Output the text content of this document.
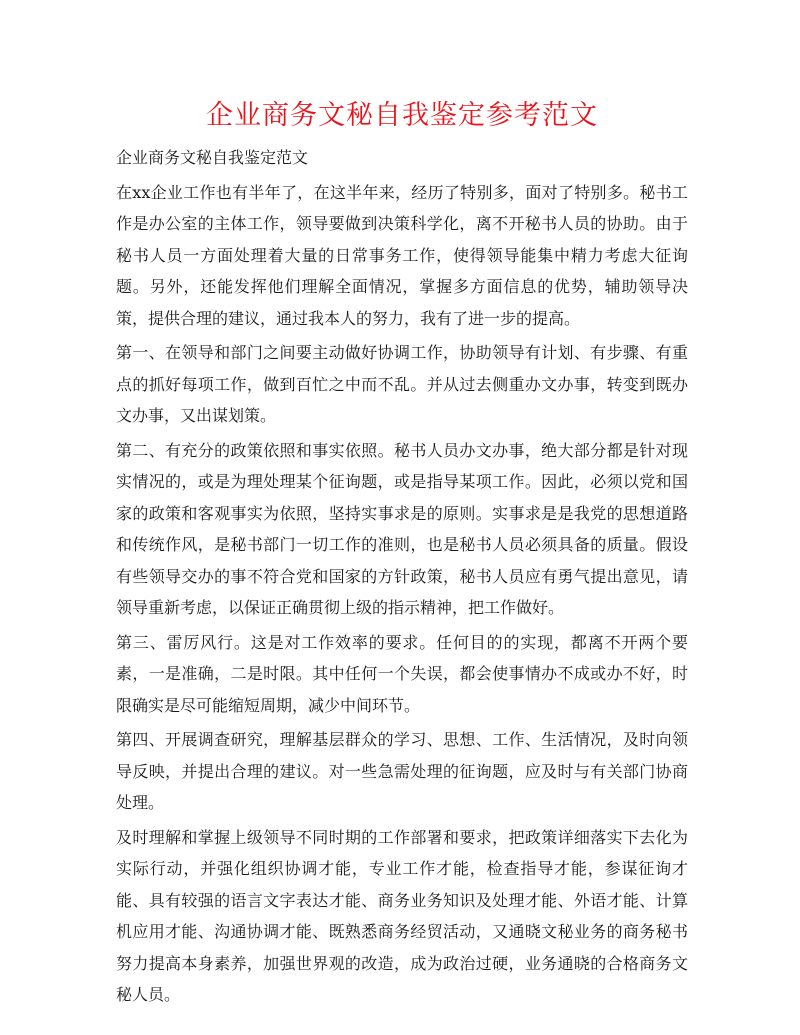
企业商务文秘自我鉴定参考范文

企业商务文秘自我鉴定范文

在xx企业工作也有半年了，在这半年来，经历了特别多，面对了特别多。秘书工作是办公室的主体工作，领导要做到决策科学化，离不开秘书人员的协助。由于秘书人员一方面处理着大量的日常事务工作，使得领导能集中精力考虑大征询题。另外，还能发挥他们理解全面情况，掌握多方面信息的优势，辅助领导决策，提供合理的建议，通过我本人的努力，我有了进一步的提高。

第一、在领导和部门之间要主动做好协调工作，协助领导有计划、有步骤、有重点的抓好每项工作，做到百忙之中而不乱。并从过去侧重办文办事，转变到既办文办事，又出谋划策。

第二、有充分的政策依照和事实依照。秘书人员办文办事，绝大部分都是针对现实情况的，或是为理处理某个征询题，或是指导某项工作。因此，必须以党和国家的政策和客观事实为依照，坚持实事求是的原则。实事求是是我党的思想道路和传统作风，是秘书部门一切工作的准则，也是秘书人员必须具备的质量。假设有些领导交办的事不符合党和国家的方针政策，秘书人员应有勇气提出意见，请领导重新考虑，以保证正确贯彻上级的指示精神，把工作做好。

第三、雷厉风行。这是对工作效率的要求。任何目的的实现，都离不开两个要素，一是准确，二是时限。其中任何一个失误，都会使事情办不成或办不好，时限确实是尽可能缩短周期，减少中间环节。

第四、开展调查研究，理解基层群众的学习、思想、工作、生活情况，及时向领导反映，并提出合理的建议。对一些急需处理的征询题，应及时与有关部门协商处理。

及时理解和掌握上级领导不同时期的工作部署和要求，把政策详细落实下去化为实际行动，并强化组织协调才能，专业工作才能，检查指导才能，参谋征询才能、具有较强的语言文字表达才能、商务业务知识及处理才能、外语才能、计算机应用才能、沟通协调才能、既熟悉商务经贸活动，又通晓文秘业务的商务秘书努力提高本身素养，加强世界观的改造，成为政治过硬，业务通晓的合格商务文秘人员。
